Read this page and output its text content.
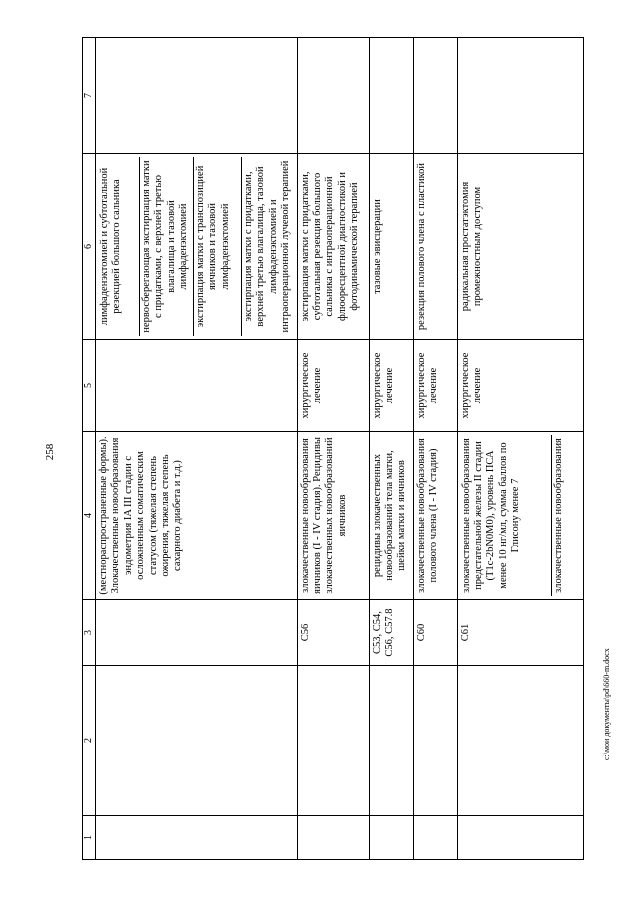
258
c:\мои документы\pd\660-m.docx
1	2	3	4	5	6	7
			(местнораспространенные формы). Злокачественные новообразования эндометрия IA III стадии с осложненным соматическим статусом (тяжелая степень ожирения, тяжелая степень сахарного диабета и т.д.)		лимфаденэктомией и субтотальной резекцией большого сальника нервосберегающая экстирпация матки с придатками, с верхней третью влагалища и тазовой лимфаденэктомией экстирпация матки с транспозицией яичников и тазовой лимфаденэктомией экстирпация матки с придатками, верхней третью влагалища, тазовой лимфаденэктомией и интраоперационной лучевой терапией	

		C56	злокачественные новообразования яичников (I - IV стадия). Рецидивы злокачественных новообразований яичников	хирургическое лечение	экстирпация матки с придатками, субтотальная резекция большого сальника с интраоперационной флюоресцентной диагностикой и фотодинамической терапией	
		C53, C54, C56, C57.8	рецидивы злокачественных новообразований тела матки, шейки матки и яичников	хирургическое лечение	тазовые эвисцерации	
		C60	злокачественные новообразования полового члена (I - IV стадия)	хирургическое лечение	резекция полового члена с пластикой	
		C61	злокачественные новообразования предстательной железы II стадии (T1c-2bN0M0), уровень ПСА менее 10 нг/мл, сумма баллов по Глисону менее 7 злокачественные новообразования	хирургическое лечение	радикальная простатэктомия промежностным доступом	
